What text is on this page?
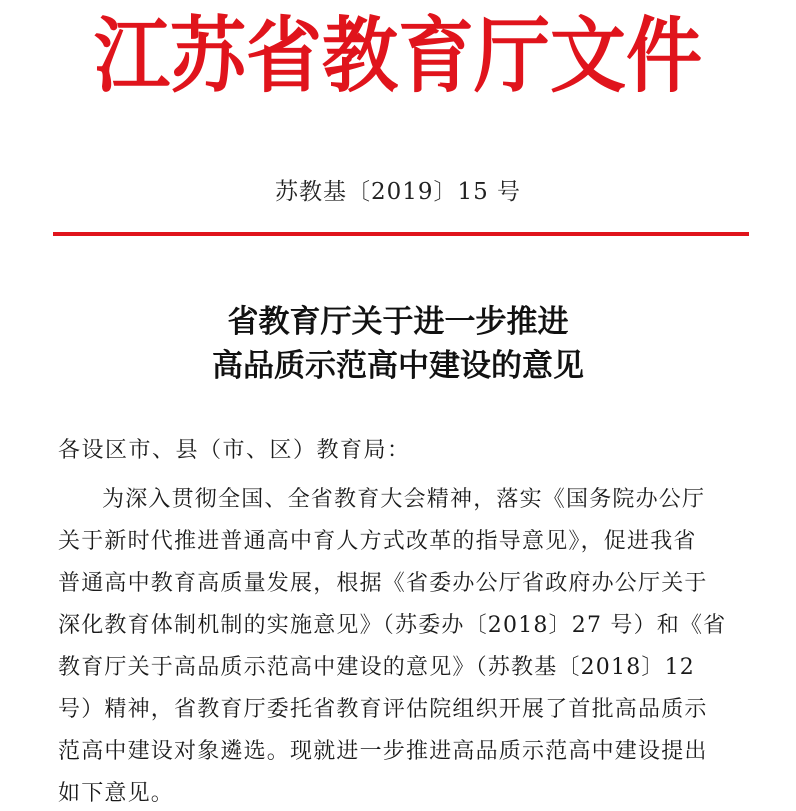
江苏省教育厅文件
苏教基〔2019〕15 号
省教育厅关于进一步推进
高品质示范高中建设的意见
各设区市、县（市、区）教育局：
为深入贯彻全国、全省教育大会精神，落实《国务院办公厅
关于新时代推进普通高中育人方式改革的指导意见》，促进我省
普通高中教育高质量发展，根据《省委办公厅省政府办公厅关于
深化教育体制机制的实施意见》（苏委办〔2018〕27 号）和《省
教育厅关于高品质示范高中建设的意见》（苏教基〔2018〕12
号）精神，省教育厅委托省教育评估院组织开展了首批高品质示
范高中建设对象遴选。现就进一步推进高品质示范高中建设提出
如下意见。
